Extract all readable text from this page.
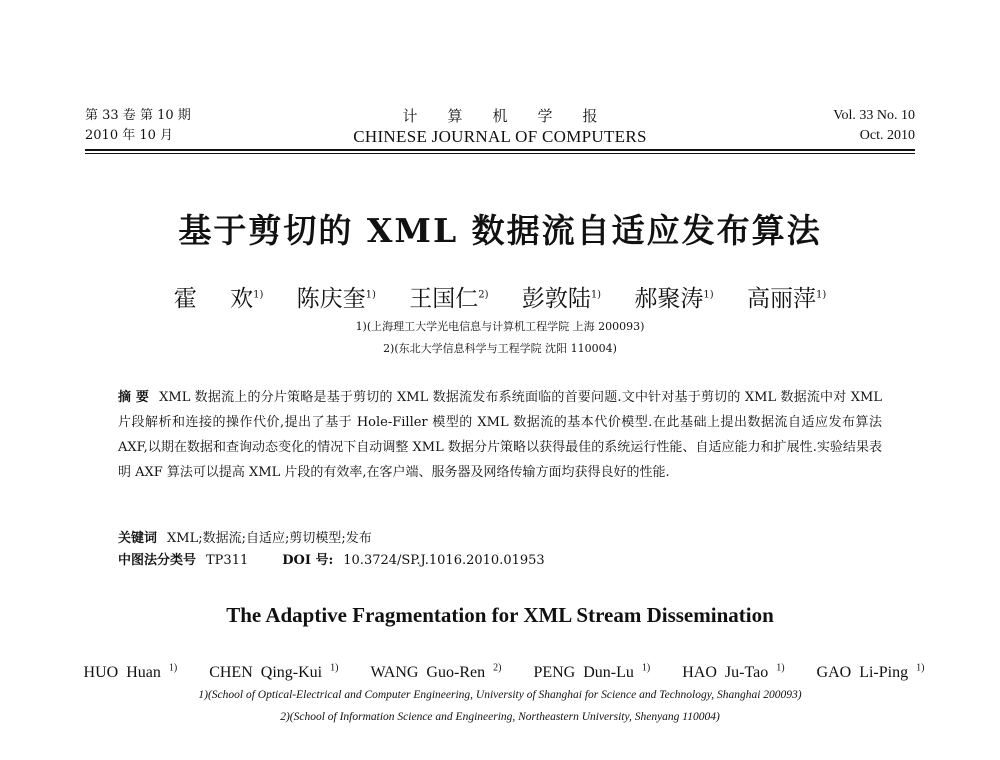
第 33 卷 第 10 期
2010 年 10 月
计算机学报
CHINESE JOURNAL OF COMPUTERS
Vol. 33 No. 10
Oct. 2010
基于剪切的 XML 数据流自适应发布算法
霍 欢$^{1)}$ 陈庆奎$^{1)}$ 王国仁$^{2)}$ 彭敦陆$^{1)}$ 郝聚涛$^{1)}$ 高丽萍$^{1)}$
1)(上海理工大学光电信息与计算机工程学院 上海 200093)
2)(东北大学信息科学与工程学院 沈阳 110004)
摘 要 XML 数据流上的分片策略是基于剪切的 XML 数据流发布系统面临的首要问题.文中针对基于剪切的 XML 数据流中对 XML 片段解析和连接的操作代价,提出了基于 Hole-Filler 模型的 XML 数据流的基本代价模型.在此基础上提出数据流自适应发布算法 AXF,以期在数据和查询动态变化的情况下自动调整 XML 数据分片策略以获得最佳的系统运行性能、自适应能力和扩展性.实验结果表明 AXF 算法可以提高 XML 片段的有效率,在客户端、服务器及网络传输方面均获得良好的性能.
关键词 XML;数据流;自适应;剪切模型;发布
中图法分类号 TP311	DOI 号: 10.3724/SP.J.1016.2010.01953
The Adaptive Fragmentation for XML Stream Dissemination
HUO Huan $^{1)}$ CHEN Qing-Kui $^{1)}$ WANG Guo-Ren $^{2)}$ PENG Dun-Lu $^{1)}$ HAO Ju-Tao $^{1)}$ GAO Li-Ping $^{1)}$
1)(School of Optical-Electrical and Computer Engineering, University of Shanghai for Science and Technology, Shanghai 200093)
2)(School of Information Science and Engineering, Northeastern University, Shenyang 110004)
